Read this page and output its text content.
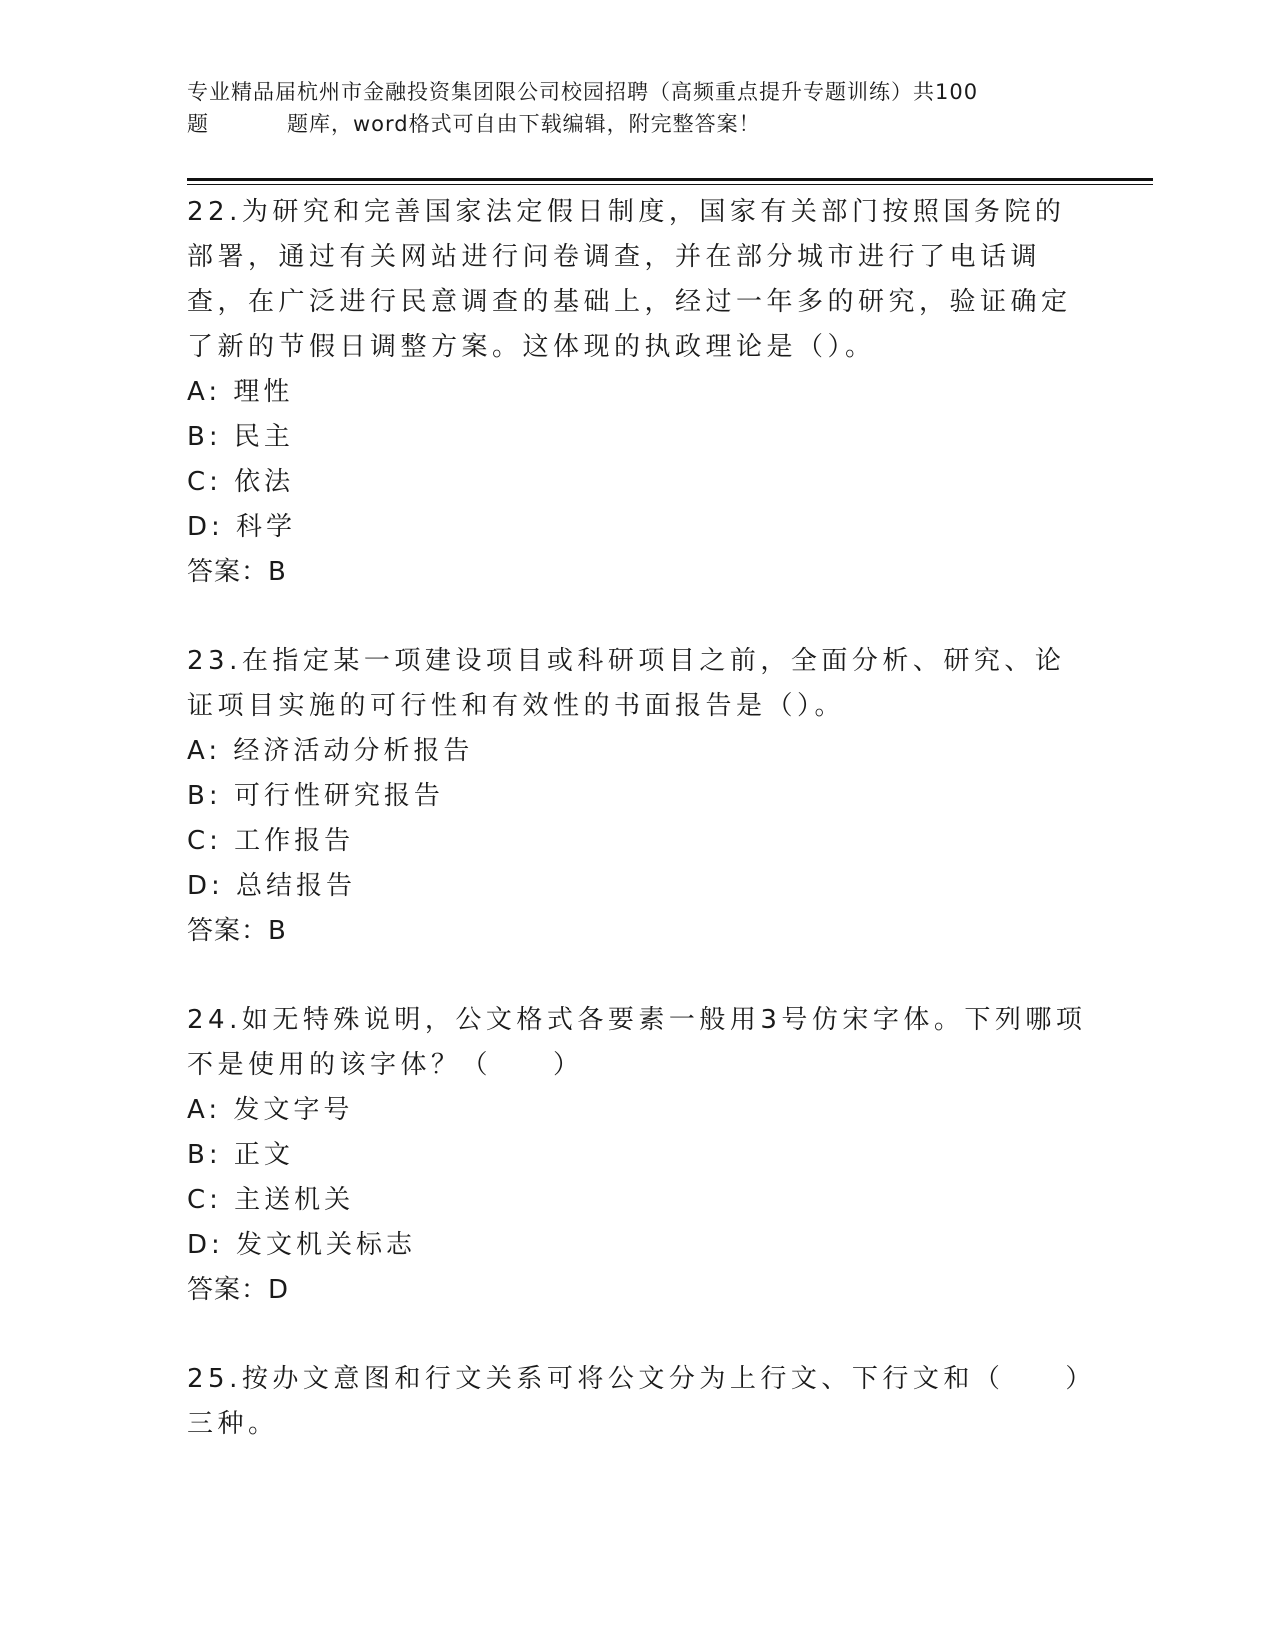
专业精品届杭州市金融投资集团限公司校园招聘（高频重点提升专题训练）共100
题	题库，word格式可自由下载编辑，附完整答案！

22.为研究和完善国家法定假日制度，国家有关部门按照国务院的部署，通过有关网站进行问卷调查，并在部分城市进行了电话调查，在广泛进行民意调查的基础上，经过一年多的研究，验证确定了新的节假日调整方案。这体现的执政理论是（）。

A: 理性

B: 民主

C: 依法

D: 科学

答案：B

23.在指定某一项建设项目或科研项目之前，全面分析、研究、论证项目实施的可行性和有效性的书面报告是（）。

A: 经济活动分析报告

B: 可行性研究报告

C: 工作报告

D: 总结报告

答案：B

24.如无特殊说明，公文格式各要素一般用3号仿宋字体。下列哪项不是使用的该字体？（　　）

A: 发文字号

B: 正文

C: 主送机关

D: 发文机关标志

答案：D

25.按办文意图和行文关系可将公文分为上行文、下行文和（　　）三种。
